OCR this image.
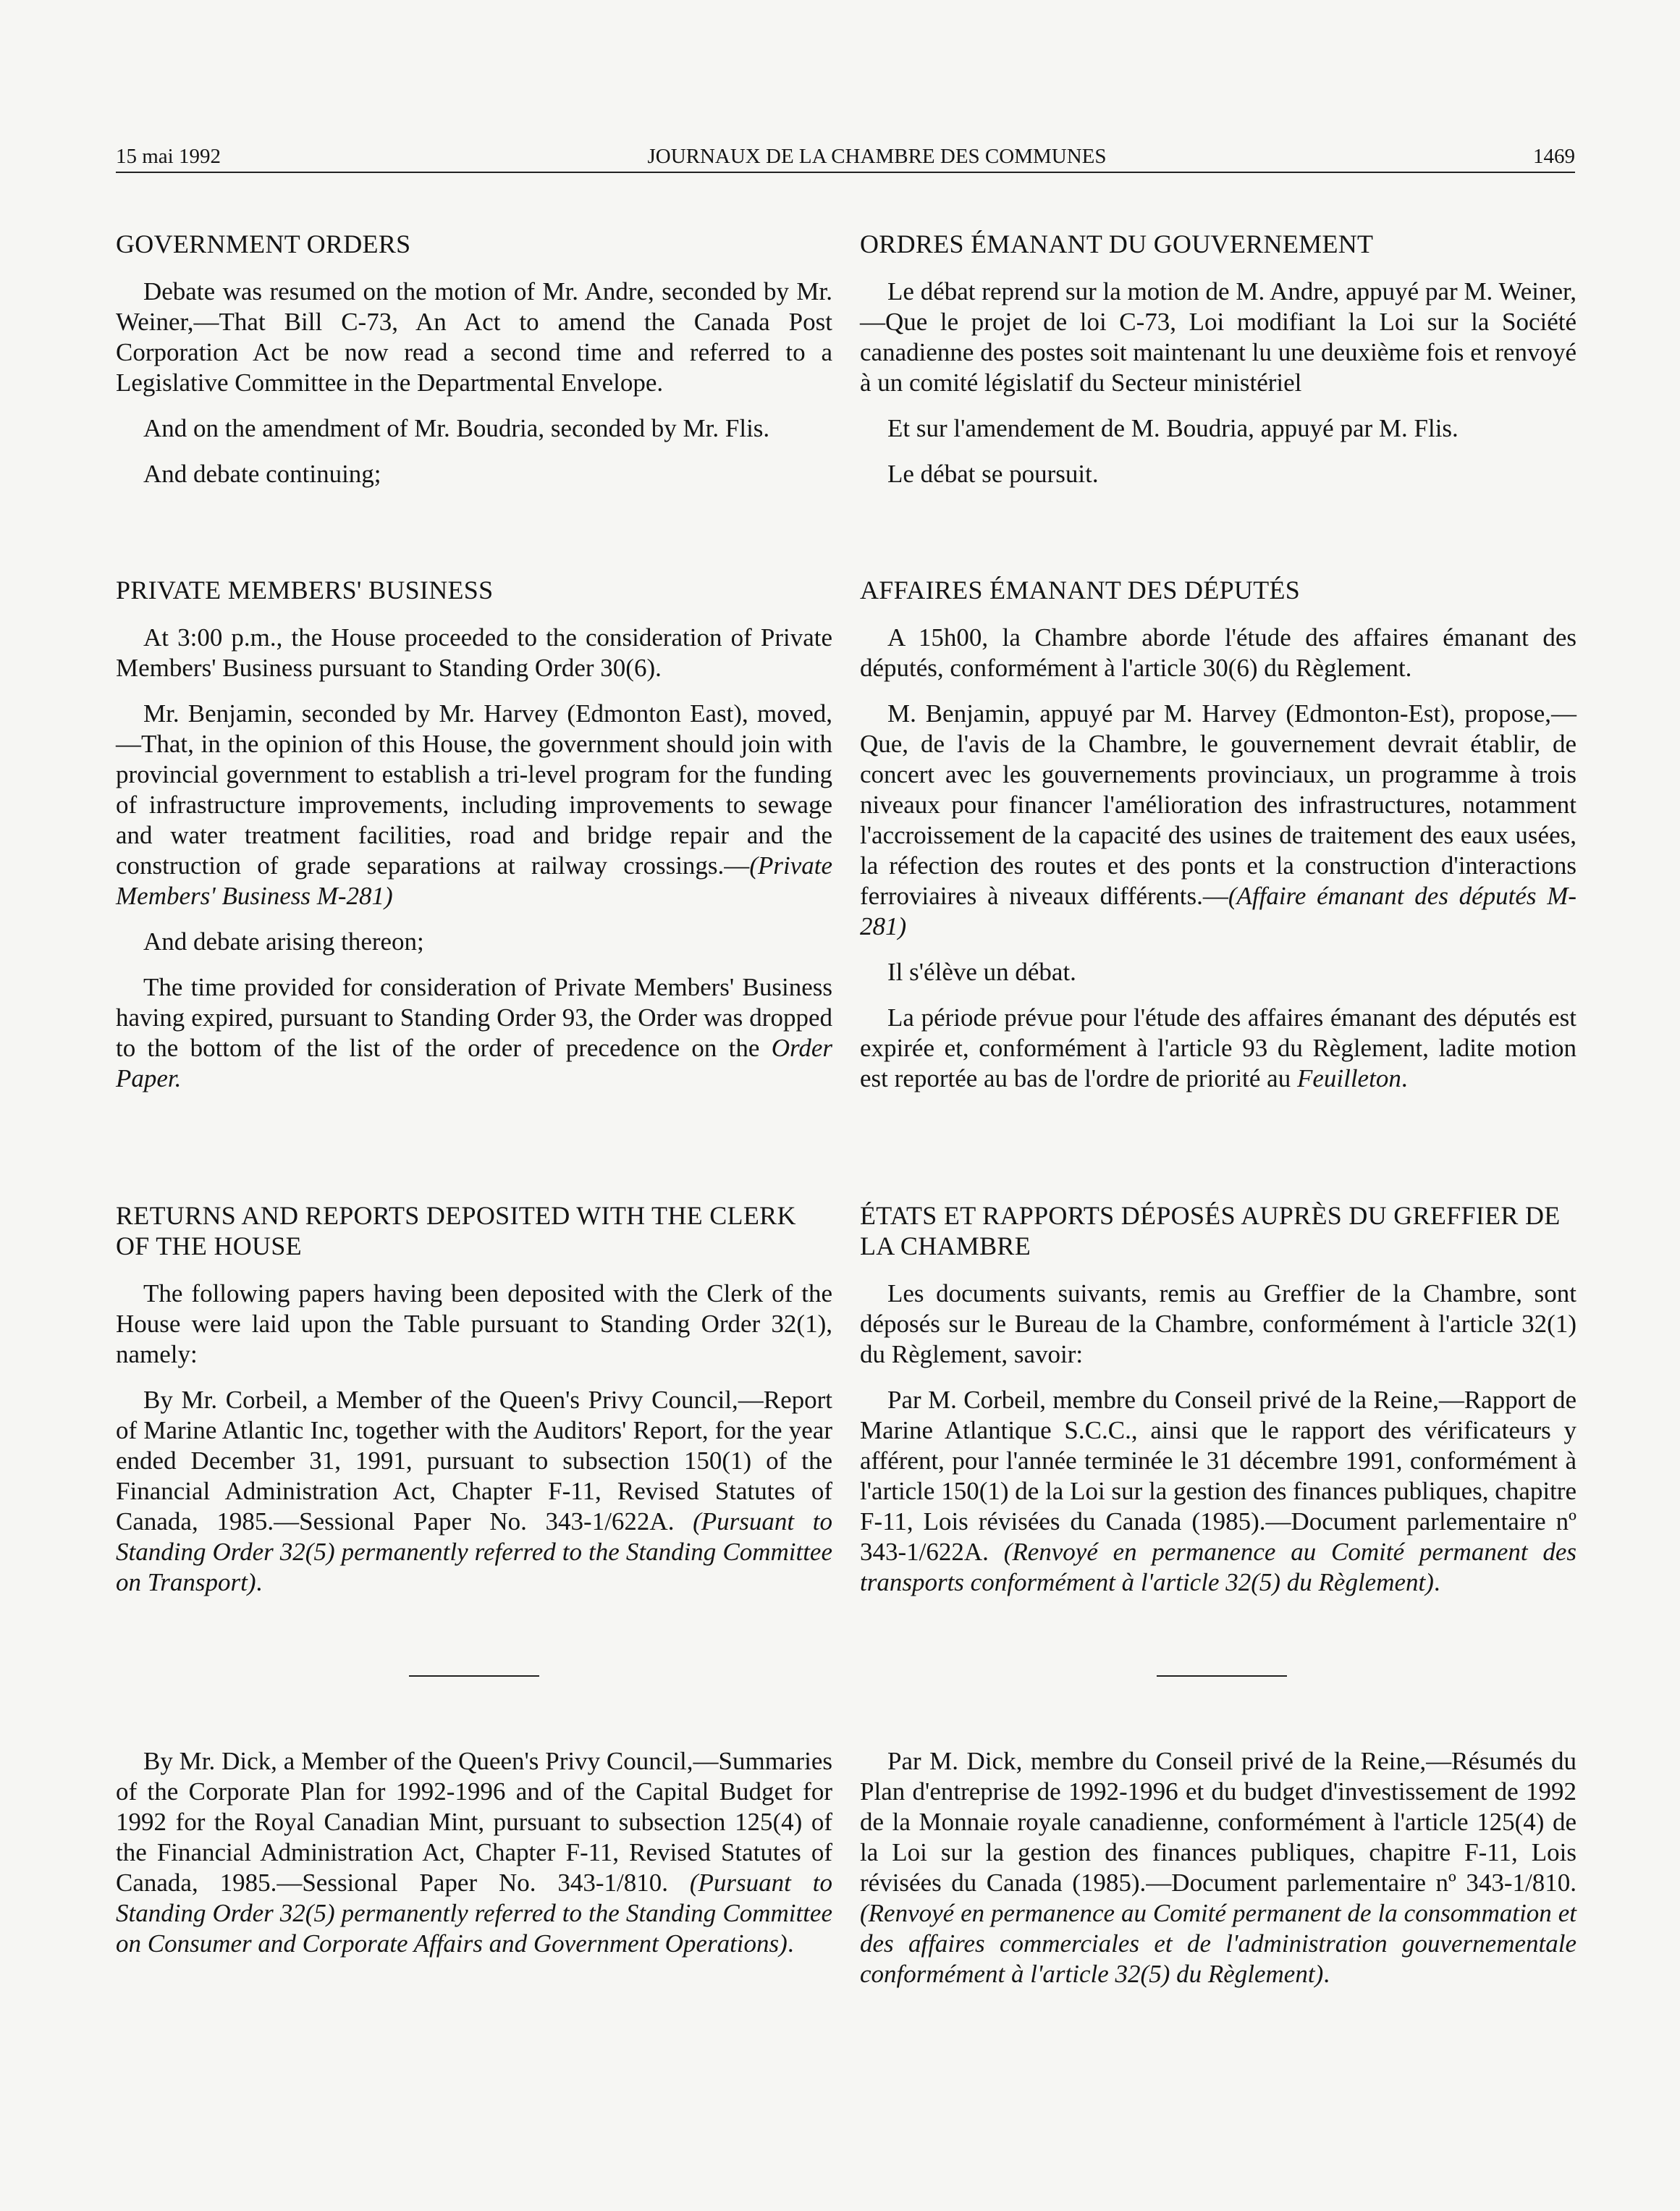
15 mai 1992	JOURNAUX DE LA CHAMBRE DES COMMUNES	1469
GOVERNMENT ORDERS

Debate was resumed on the motion of Mr. Andre, seconded by Mr. Weiner,—That Bill C-73, An Act to amend the Canada Post Corporation Act be now read a second time and referred to a Legislative Committee in the Departmental Envelope.

And on the amendment of Mr. Boudria, seconded by Mr. Flis.

And debate continuing;

PRIVATE MEMBERS' BUSINESS

At 3:00 p.m., the House proceeded to the consideration of Private Members' Business pursuant to Standing Order 30(6).

Mr. Benjamin, seconded by Mr. Harvey (Edmonton East), moved,—That, in the opinion of this House, the government should join with provincial government to establish a tri-level program for the funding of infrastructure improvements, including improvements to sewage and water treatment facilities, road and bridge repair and the construction of grade separations at railway crossings.—(Private Members' Business M-281)

And debate arising thereon;

The time provided for consideration of Private Members' Business having expired, pursuant to Standing Order 93, the Order was dropped to the bottom of the list of the order of precedence on the Order Paper.

RETURNS AND REPORTS DEPOSITED WITH THE CLERK OF THE HOUSE

The following papers having been deposited with the Clerk of the House were laid upon the Table pursuant to Standing Order 32(1), namely:

By Mr. Corbeil, a Member of the Queen's Privy Council,—Report of Marine Atlantic Inc, together with the Auditors' Report, for the year ended December 31, 1991, pursuant to subsection 150(1) of the Financial Administration Act, Chapter F-11, Revised Statutes of Canada, 1985.—Sessional Paper No. 343-1/622A. (Pursuant to Standing Order 32(5) permanently referred to the Standing Committee on Transport).

By Mr. Dick, a Member of the Queen's Privy Council,—Summaries of the Corporate Plan for 1992-1996 and of the Capital Budget for 1992 for the Royal Canadian Mint, pursuant to subsection 125(4) of the Financial Administration Act, Chapter F-11, Revised Statutes of Canada, 1985.—Sessional Paper No. 343-1/810. (Pursuant to Standing Order 32(5) permanently referred to the Standing Committee on Consumer and Corporate Affairs and Government Operations).

ORDRES ÉMANANT DU GOUVERNEMENT

Le débat reprend sur la motion de M. Andre, appuyé par M. Weiner,—Que le projet de loi C-73, Loi modifiant la Loi sur la Société canadienne des postes soit maintenant lu une deuxième fois et renvoyé à un comité législatif du Secteur ministériel

Et sur l'amendement de M. Boudria, appuyé par M. Flis.

Le débat se poursuit.

AFFAIRES ÉMANANT DES DÉPUTÉS

A 15h00, la Chambre aborde l'étude des affaires émanant des députés, conformément à l'article 30(6) du Règlement.

M. Benjamin, appuyé par M. Harvey (Edmonton-Est), propose,—Que, de l'avis de la Chambre, le gouvernement devrait établir, de concert avec les gouvernements provinciaux, un programme à trois niveaux pour financer l'amélioration des infrastructures, notamment l'accroissement de la capacité des usines de traitement des eaux usées, la réfection des routes et des ponts et la construction d'interactions ferroviaires à niveaux différents.—(Affaire émanant des députés M-281)

Il s'élève un débat.

La période prévue pour l'étude des affaires émanant des députés est expirée et, conformément à l'article 93 du Règlement, ladite motion est reportée au bas de l'ordre de priorité au Feuilleton.

ÉTATS ET RAPPORTS DÉPOSÉS AUPRÈS DU GREFFIER DE LA CHAMBRE

Les documents suivants, remis au Greffier de la Chambre, sont déposés sur le Bureau de la Chambre, conformément à l'article 32(1) du Règlement, savoir:

Par M. Corbeil, membre du Conseil privé de la Reine,—Rapport de Marine Atlantique S.C.C., ainsi que le rapport des vérificateurs y afférent, pour l'année terminée le 31 décembre 1991, conformément à l'article 150(1) de la Loi sur la gestion des finances publiques, chapitre F-11, Lois révisées du Canada (1985).—Document parlementaire nº 343-1/622A. (Renvoyé en permanence au Comité permanent des transports conformément à l'article 32(5) du Règlement).

Par M. Dick, membre du Conseil privé de la Reine,—Résumés du Plan d'entreprise de 1992-1996 et du budget d'investissement de 1992 de la Monnaie royale canadienne, conformément à l'article 125(4) de la Loi sur la gestion des finances publiques, chapitre F-11, Lois révisées du Canada (1985).—Document parlementaire nº 343-1/810. (Renvoyé en permanence au Comité permanent de la consommation et des affaires commerciales et de l'administration gouvernementale conformément à l'article 32(5) du Règlement).
